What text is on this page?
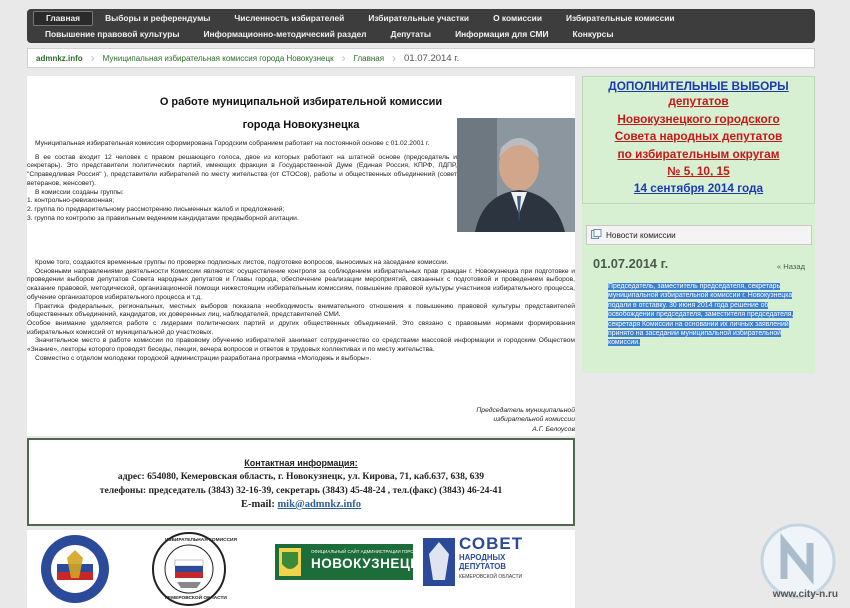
Главная	Выборы и референдумы	Численность избирателей	Избирательные участки	О комиссии	Избирательные комиссии
Повышение правовой культуры	Информационно-методический раздел	Депутаты	Информация для СМИ	Конкурсы
admnkz.info ›	Муниципальная избирательная комиссия города Новокузнецк ›	Главная › 01.07.2014 г.
О работе муниципальной избирательной комиссии
города Новокузнецка

Муниципальная избирательная комиссия сформирована Городским собранием работает на постоянной основе с 01.02.2001 г.

В ее состав входит 12 человек с правом решающего голоса, двое из которых работают на штатной основе (председатель и секретарь). Это представители политических партий, имеющих фракции в Государственной Думе (Единая Россия, КПРФ, ЛДПР, "Справедливая Россия" ), представители избирателей по месту жительства (от СТОСов), работы и общественных объединений (совет ветеранов, женсовет).

В комиссии созданы группы:

1. контрольно-ревизионная;

2. группа по предварительному рассмотрению письменных жалоб и предложений;

3. группа по контролю за правильным ведением кандидатами предвыборной агитации.

Кроме того, создаются временные группы по проверке подписных листов, подготовке вопросов, выносимых на заседание комиссии.

Основными направлениями деятельности Комиссии являются: осуществление контроля за соблюдением избирательных прав граждан г. Новокузнецка при подготовке и проведении выборов депутатов Совета народных депутатов и Главы города, обеспечение реализации мероприятий, связанных с подготовкой и проведением выборов, оказание правовой, методической, организационной помощи нижестоящим избирательным комиссиям, повышение правовой культуры участников избирательного процесса, обучение организаторов избирательного процесса и т.д.

Практика федеральных, региональных, местных выборов показала необходимость внимательного отношения к повышению правовой культуры представителей общественных объединений, кандидатов, их доверенных лиц, наблюдателей, представителей СМИ.

Особое внимание уделяется работе с лидерами политических партий и других общественных объединений. Это связано с правовыми нормами формирования избирательных комиссий от муниципальной до участковых.

Значительное место в работе комиссии по правовому обучению избирателей занимает сотрудничество со средствами массовой информации и городским Обществом «Знание», лекторы которого проводят беседы, лекции, вечера вопросов и ответов в трудовых коллективах и по месту жительства.

Совместно с отделом молодежи городской администрации разработана программа «Молодежь и выборы».

Председатель муниципальной
избирательной комиссии
А.Г. Белоусов
Контактная информация:
адрес: 654080, Кемеровская область, г. Новокузнецк, ул. Кирова, 71, каб.637, 638, 639
телефоны: председатель (3843) 32-16-39, секретарь (3843) 45-48-24 , тел.(факс) (3843) 46-24-41
E-mail: mik@admnkz.info
ОФИЦИАЛЬНЫЙ САЙТ АДМИНИСТРАЦИИ ГОРОДА
НОВОКУЗНЕЦК
СОВЕТ
НАРОДНЫХ ДЕПУТАТОВ
КЕМЕРОВСКОЙ ОБЛАСТИ
ИЗБИРАТЕЛЬНАЯ КОМИССИЯ
КЕМЕРОВСКОЙ ОБЛАСТИ
ДОПОЛНИТЕЛЬНЫЕ ВЫБОРЫ
депутатов
Новокузнецкого городского
Совета народных депутатов
по избирательным округам
№ 5, 10, 15
14 сентября 2014 года
Новости комиссии
01.07.2014 г.	« Назад
Председатель, заместитель председателя, секретарь муниципальной избирательной комиссии г. Новокузнецка подали в отставку. 30 июня 2014 года решение об освобождении председателя, заместителя председателя, секретаря Комиссии на основании их личных заявлений принято на заседании муниципальной избирательной комиссии.
www.city-n.ru
